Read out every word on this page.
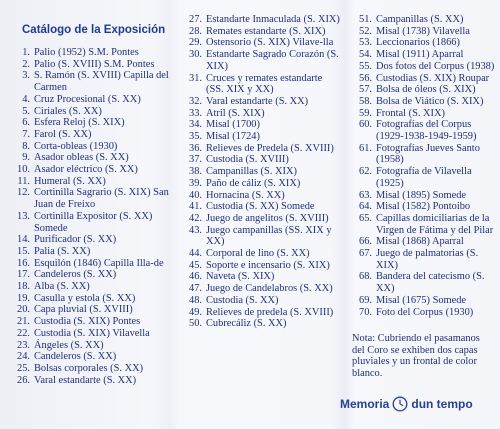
Catálogo de la Exposición
1. Palio (1952) S.M. Pontes
2. Palio (S. XVIII) S.M. Pontes
3. S. Ramón (S. XVIII) Capilla del Carmen
4. Cruz Procesional (S. XX)
5. Ciriales (S. XX)
6. Esfera Reloj (S. XIX)
7. Farol (S. XX)
8. Corta-obleas (1930)
9. Asador obleas (S. XX)
10. Asador eléctrico (S. XX)
11. Humeral (S. XX)
12. Cortinilla Sagrario (S. XIX) San Juan de Freixo
13. Cortinilla Expositor (S. XX) Somede
14. Purificador (S. XX)
15. Palia (S. XX)
16. Esquilón (1846) Capilla Illa-de
17. Candeleros (S. XX)
18. Alba (S. XX)
19. Casulla y estola (S. XX)
20. Capa pluvial (S. XVIII)
21. Custodia (S. XIX) Pontes
22. Custodia (S. XIX) Vilavella
23. Ángeles (S. XX)
24. Candeleros (S. XX)
25. Bolsas corporales (S. XX)
26. Varal estandarte (S. XX)
27. Estandarte Inmaculada (S. XIX)
28. Remates estandarte (S. XIX)
29. Ostensorio (S. XIX) Vilave-lla
30. Estandarte Sagrado Corazón (S. XIX)
31. Cruces y remates estandarte (SS. XIX y XX)
32. Varal estandarte (S. XX)
33. Atril (S. XIX)
34. Misal (1700)
35. Misal (1724)
36. Relieves de Predela (S. XVIII)
37. Custodia (S. XVIII)
38. Campanillas (S. XIX)
39. Paño de cáliz (S. XIX)
40. Hornacina (S. XX)
41. Custodia (S. XX) Somede
42. Juego de angelitos (S. XVIII)
43. Juego campanillas (SS. XIX y XX)
44. Corporal de lino (S. XX)
45. Soporte e incensario (S. XIX)
46. Naveta (S. XIX)
47. Juego de Candelabros (S. XX)
48. Custodia (S. XX)
49. Relieves de predela (S. XVIII)
50. Cubrecáliz (S. XX)
51. Campanillas (S. XX)
52. Misal (1738) Vilavella
53. Leccionarios (1866)
54. Misal (1911) Aparral
55. Dos fotos del Corpus (1938)
56. Custodias (S. XIX) Roupar
57. Bolsa de óleos (S. XIX)
58. Bolsa de Viático (S. XIX)
59. Frontal (S. XIX)
60. Fotografías del Corpus (1929-1938-1949-1959)
61. Fotografías Jueves Santo (1958)
62. Fotografía de Vilavella (1925)
63. Misal (1895) Somede
64. Misal (1582) Pontoibo
65. Capillas domiciliarias de la Virgen de Fátima y del Pilar
66. Misal (1868) Aparral
67. Juego de palmatorias (S. XIX)
68. Bandera del catecismo (S. XX)
69. Misal (1675) Somede
70. Foto del Corpus (1930)
Nota: Cubriendo el pasamanos del Coro se exhiben dos capas pluviales y un frontal de color blanco.
Memoria dun tempo
